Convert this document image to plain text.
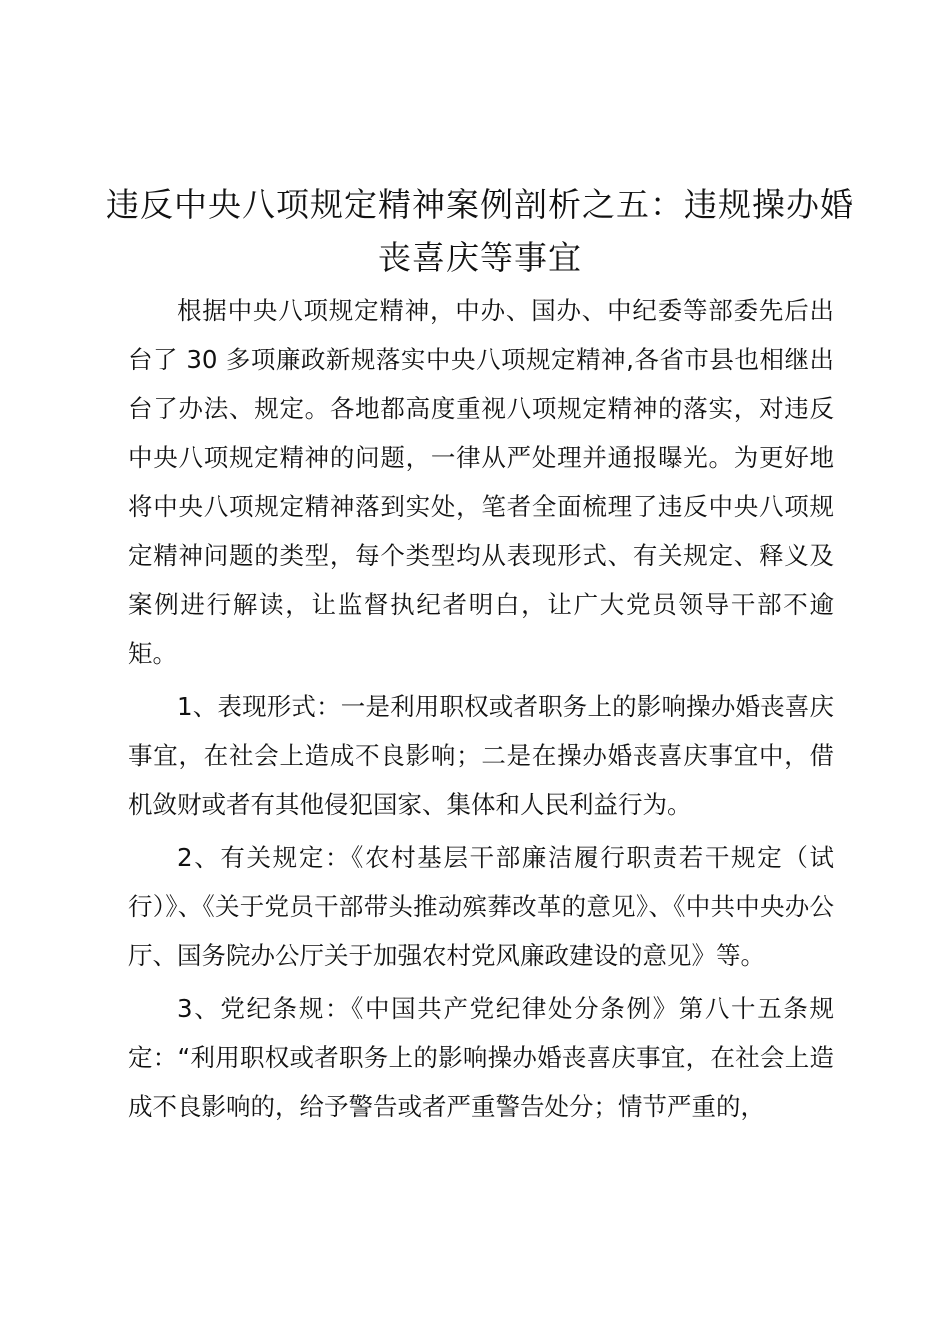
违反中央八项规定精神案例剖析之五：违规操办婚丧喜庆等事宜

根据中央八项规定精神，中办、国办、中纪委等部委先后出台了 30 多项廉政新规落实中央八项规定精神,各省市县也相继出台了办法、规定。各地都高度重视八项规定精神的落实，对违反中央八项规定精神的问题，一律从严处理并通报曝光。为更好地将中央八项规定精神落到实处，笔者全面梳理了违反中央八项规定精神问题的类型，每个类型均从表现形式、有关规定、释义及案例进行解读，让监督执纪者明白，让广大党员领导干部不逾矩。

1、表现形式：一是利用职权或者职务上的影响操办婚丧喜庆事宜，在社会上造成不良影响；二是在操办婚丧喜庆事宜中，借机敛财或者有其他侵犯国家、集体和人民利益行为。

2、有关规定：《农村基层干部廉洁履行职责若干规定（试行）》、《关于党员干部带头推动殡葬改革的意见》、《中共中央办公厅、国务院办公厅关于加强农村党风廉政建设的意见》等。

3、党纪条规：《中国共产党纪律处分条例》第八十五条规定：“利用职权或者职务上的影响操办婚丧喜庆事宜，在社会上造成不良影响的，给予警告或者严重警告处分；情节严重的，
